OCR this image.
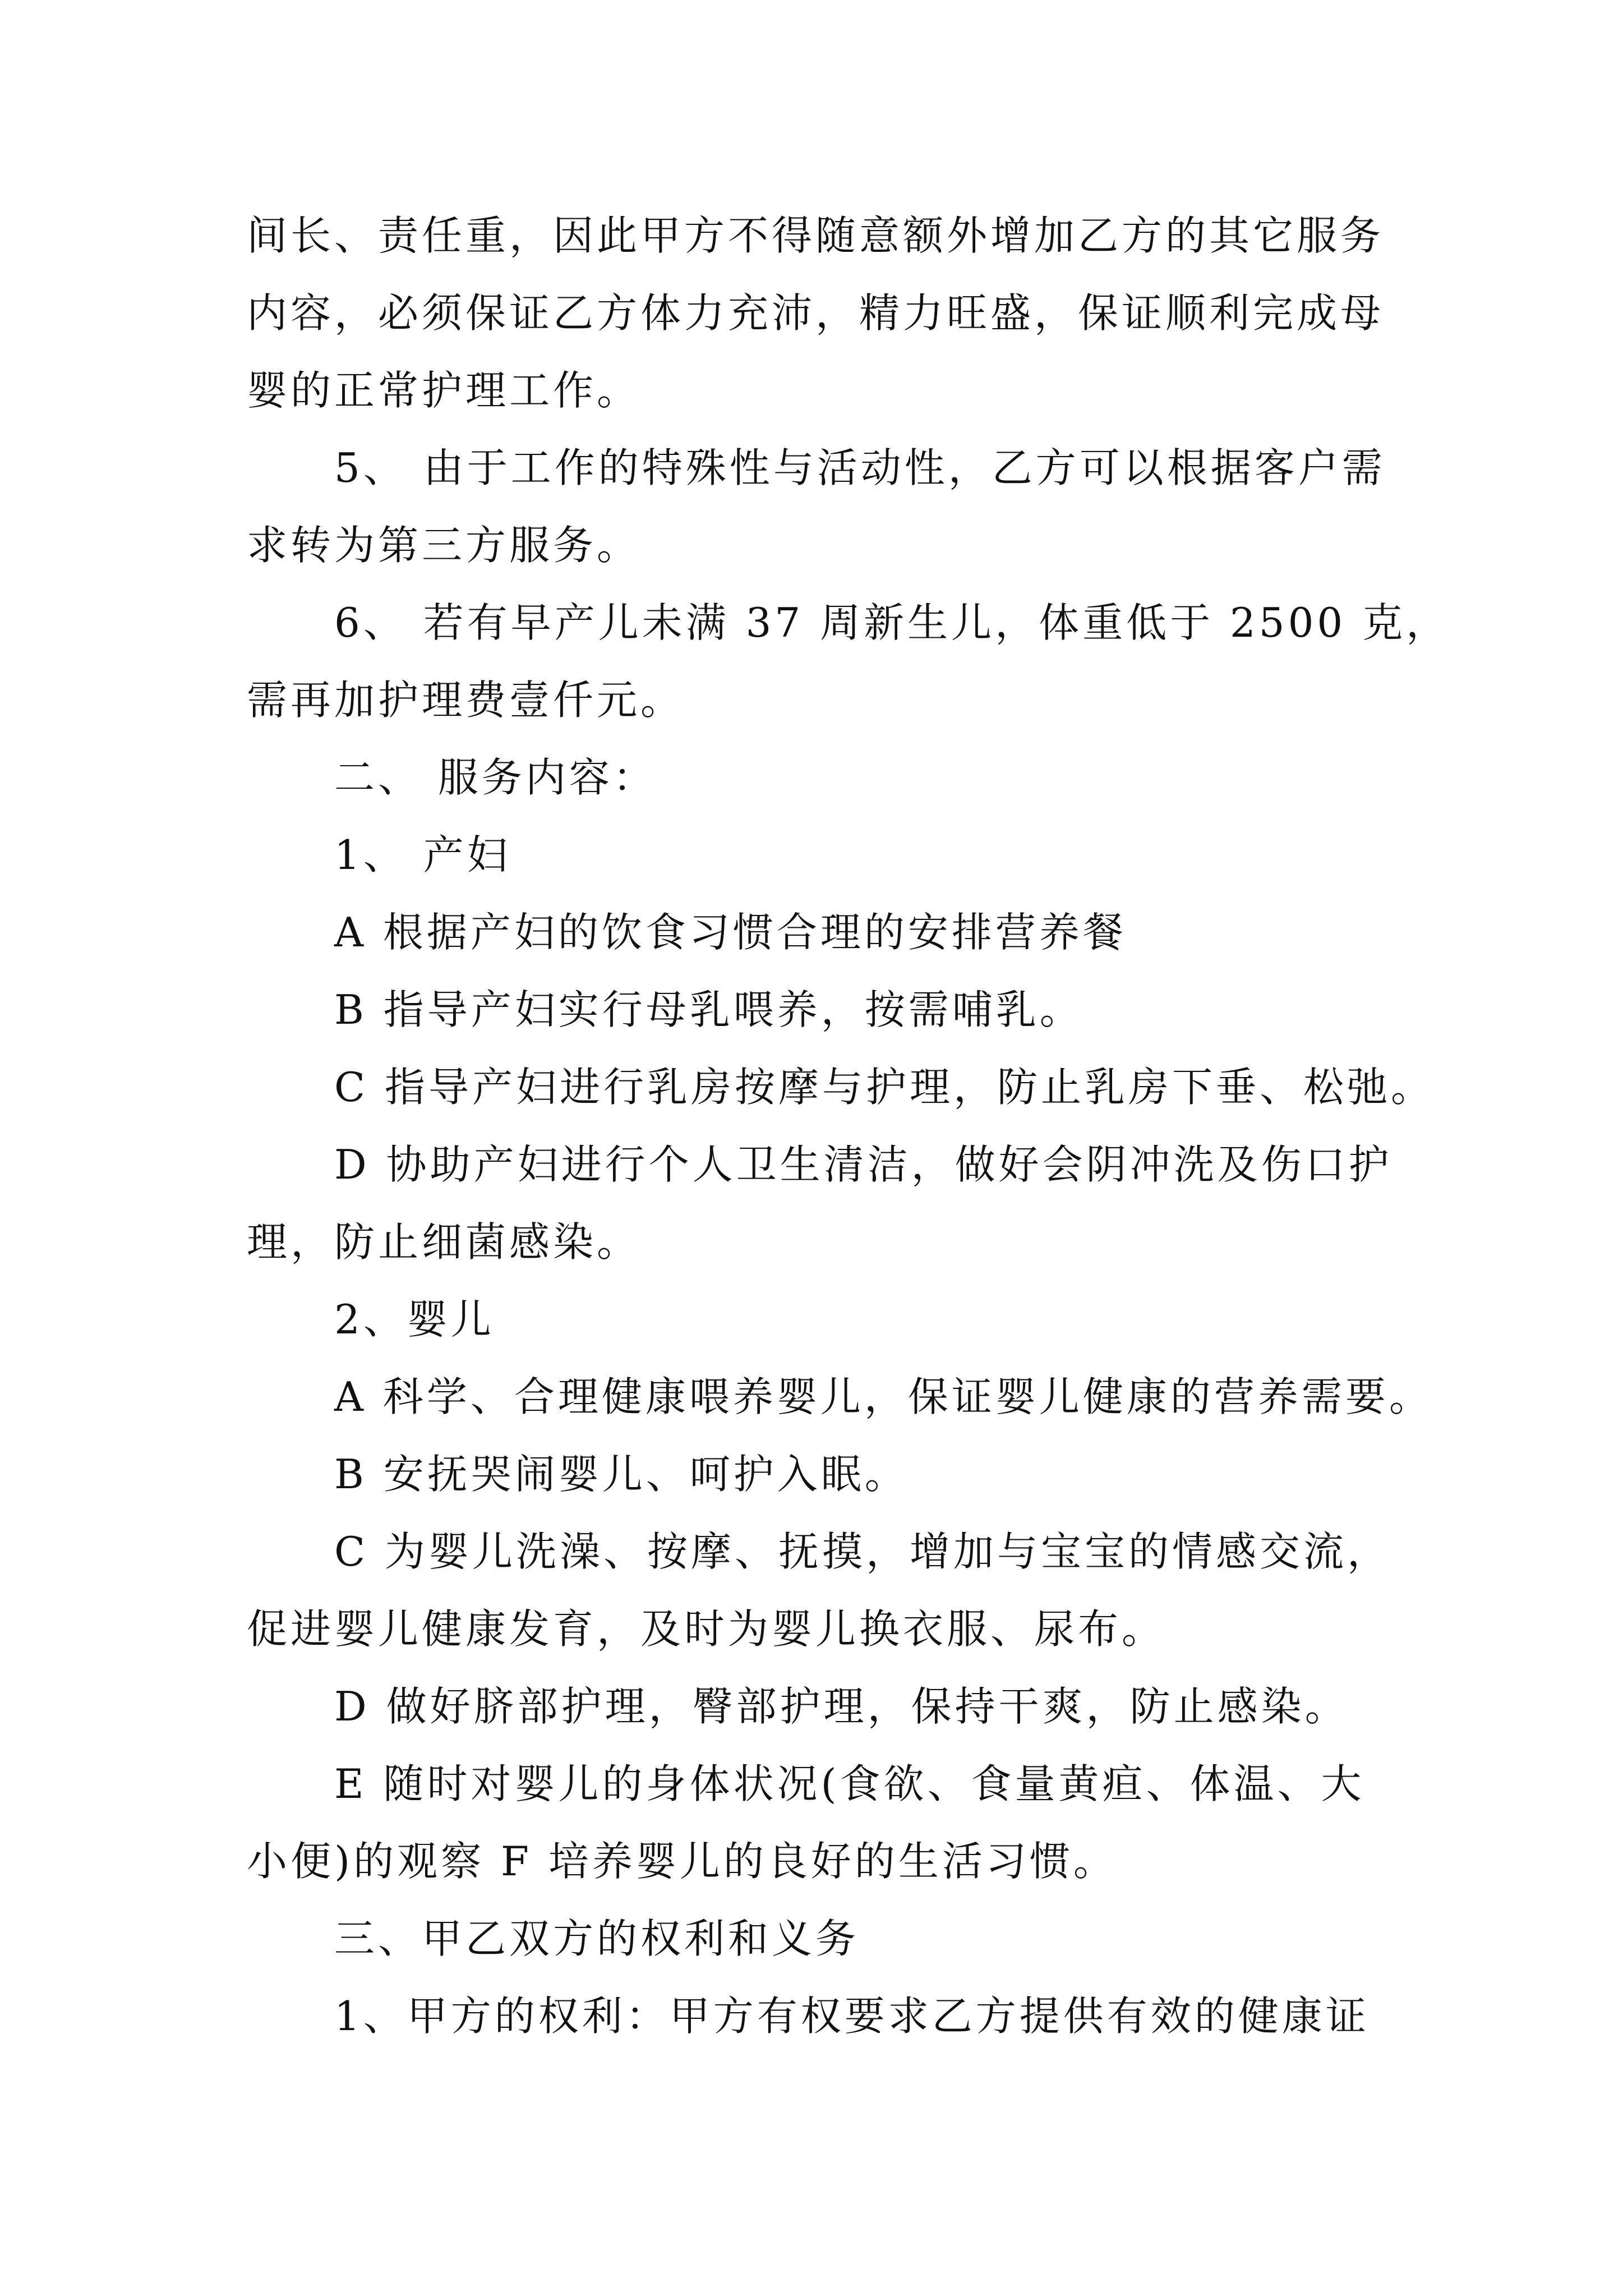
间长、责任重，因此甲方不得随意额外增加乙方的其它服务
内容，必须保证乙方体力充沛，精力旺盛，保证顺利完成母
婴的正常护理工作。
5、 由于工作的特殊性与活动性，乙方可以根据客户需
求转为第三方服务。
6、 若有早产儿未满 37 周新生儿，体重低于 2500 克，
需再加护理费壹仟元。
二、 服务内容：
1、 产妇
A 根据产妇的饮食习惯合理的安排营养餐
B 指导产妇实行母乳喂养，按需哺乳。
C 指导产妇进行乳房按摩与护理，防止乳房下垂、松弛。
D 协助产妇进行个人卫生清洁，做好会阴冲洗及伤口护
理，防止细菌感染。
2、婴儿
A 科学、合理健康喂养婴儿，保证婴儿健康的营养需要。
B 安抚哭闹婴儿、呵护入眠。
C 为婴儿洗澡、按摩、抚摸，增加与宝宝的情感交流，
促进婴儿健康发育，及时为婴儿换衣服、尿布。
D 做好脐部护理，臀部护理，保持干爽，防止感染。
E 随时对婴儿的身体状况(食欲、食量黄疸、体温、大
小便)的观察 F 培养婴儿的良好的生活习惯。
三、甲乙双方的权利和义务
1、甲方的权利：甲方有权要求乙方提供有效的健康证
